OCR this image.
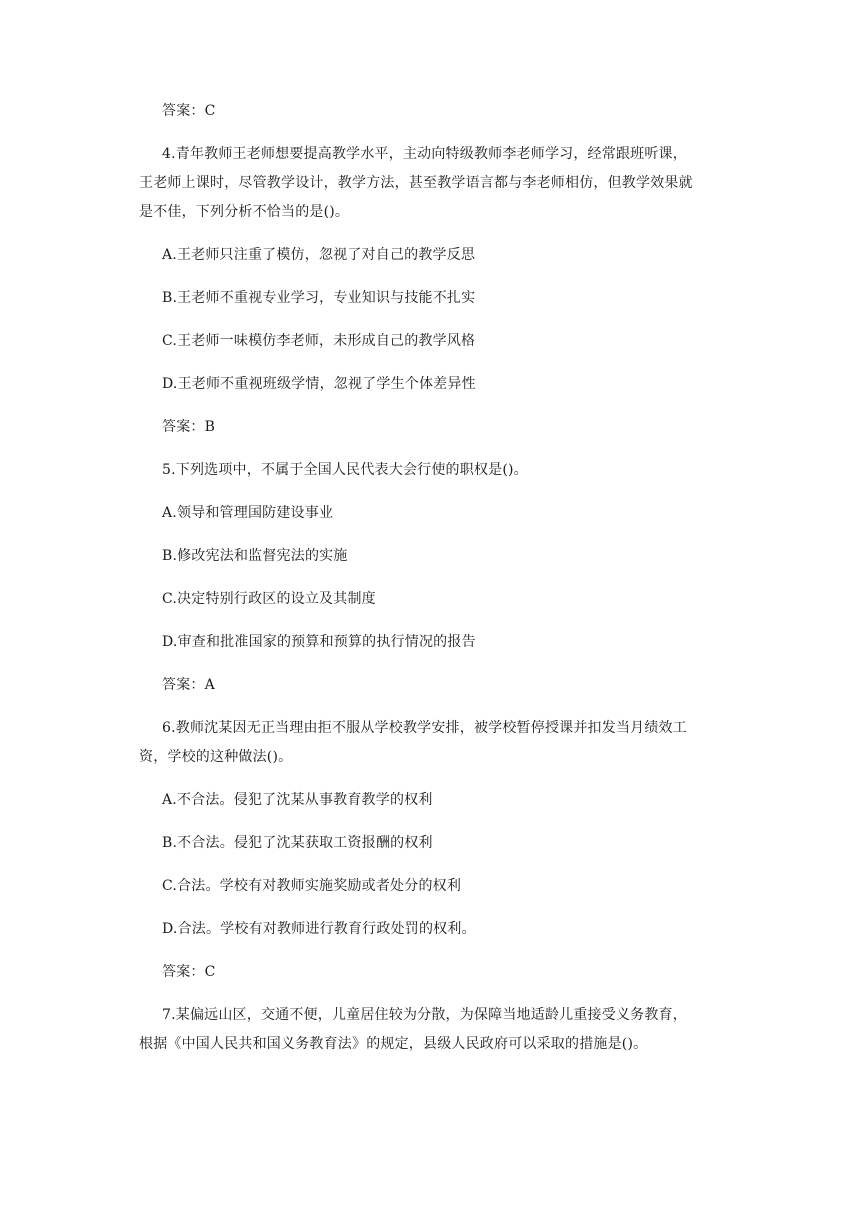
答案：C
4.青年教师王老师想要提高教学水平，主动向特级教师李老师学习，经常跟班听课，
王老师上课时，尽管教学设计，教学方法，甚至教学语言都与李老师相仿，但教学效果就
是不佳，下列分析不恰当的是()。
A.王老师只注重了模仿，忽视了对自己的教学反思
B.王老师不重视专业学习，专业知识与技能不扎实
C.王老师一味模仿李老师，未形成自己的教学风格
D.王老师不重视班级学情，忽视了学生个体差异性
答案：B
5.下列选项中，不属于全国人民代表大会行使的职权是()。
A.领导和管理国防建设事业
B.修改宪法和监督宪法的实施
C.决定特别行政区的设立及其制度
D.审查和批准国家的预算和预算的执行情况的报告
答案：A
6.教师沈某因无正当理由拒不服从学校教学安排，被学校暂停授课并扣发当月绩效工
资，学校的这种做法()。
A.不合法。侵犯了沈某从事教育教学的权利
B.不合法。侵犯了沈某获取工资报酬的权利
C.合法。学校有对教师实施奖励或者处分的权利
D.合法。学校有对教师进行教育行政处罚的权利。
答案：C
7.某偏远山区，交通不便，儿童居住较为分散，为保障当地适龄儿重接受义务教育，
根据《中国人民共和国义务教育法》的规定，县级人民政府可以采取的措施是()。
